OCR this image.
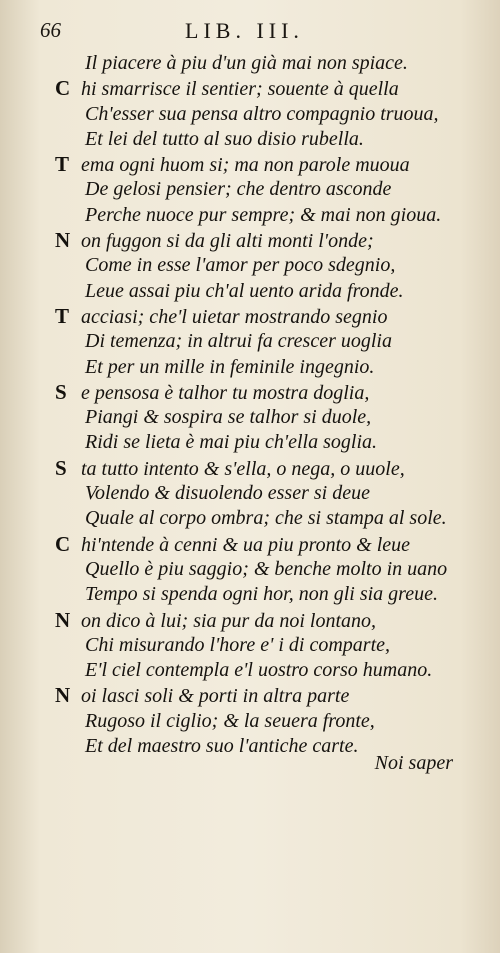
66	LIB. III.
Il piacere à piu d'un già mai non spiace.
C hi smarrisce il sentier; souente à quella
Ch'esser sua pensa altro compagnio truoua,
Et lei del tutto al suo disio rubella.
T ema ogni huom si; ma non parole muoua
De gelosi pensier; che dentro asconde
Perche nuoce pur sempre; & mai non gioua.
N on fuggon si da gli alti monti l'onde;
Come in esse l'amor per poco sdegnio,
Leue assai piu ch'al uento arida fronde.
T acciasi; che'l uietar mostrando segnio
Di temenza; in altrui fa crescer uoglia
Et per un mille in feminile ingegnio.
S e pensosa è talhor tu mostra doglia,
Piangi & sospira se talhor si duole,
Ridi se lieta è mai piu ch'ella soglia.
S ta tutto intento & s'ella, o nega, o uuole,
Volendo & disuolendo esser si deue
Quale al corpo ombra; che si stampa al sole.
C hi'ntende à cenni & ua piu pronto & leue
Quello è piu saggio; & benche molto in uano
Tempo si spenda ogni hor, non gli sia greue.
N on dico à lui; sia pur da noi lontano,
Chi misurando l'hore e' i di comparte,
E'l ciel contempla e'l uostro corso humano.
N oi lasci soli & porti in altra parte
Rugoso il ciglio; & la seuera fronte,
Et del maestro suo l'antiche carte.
Noi saper
